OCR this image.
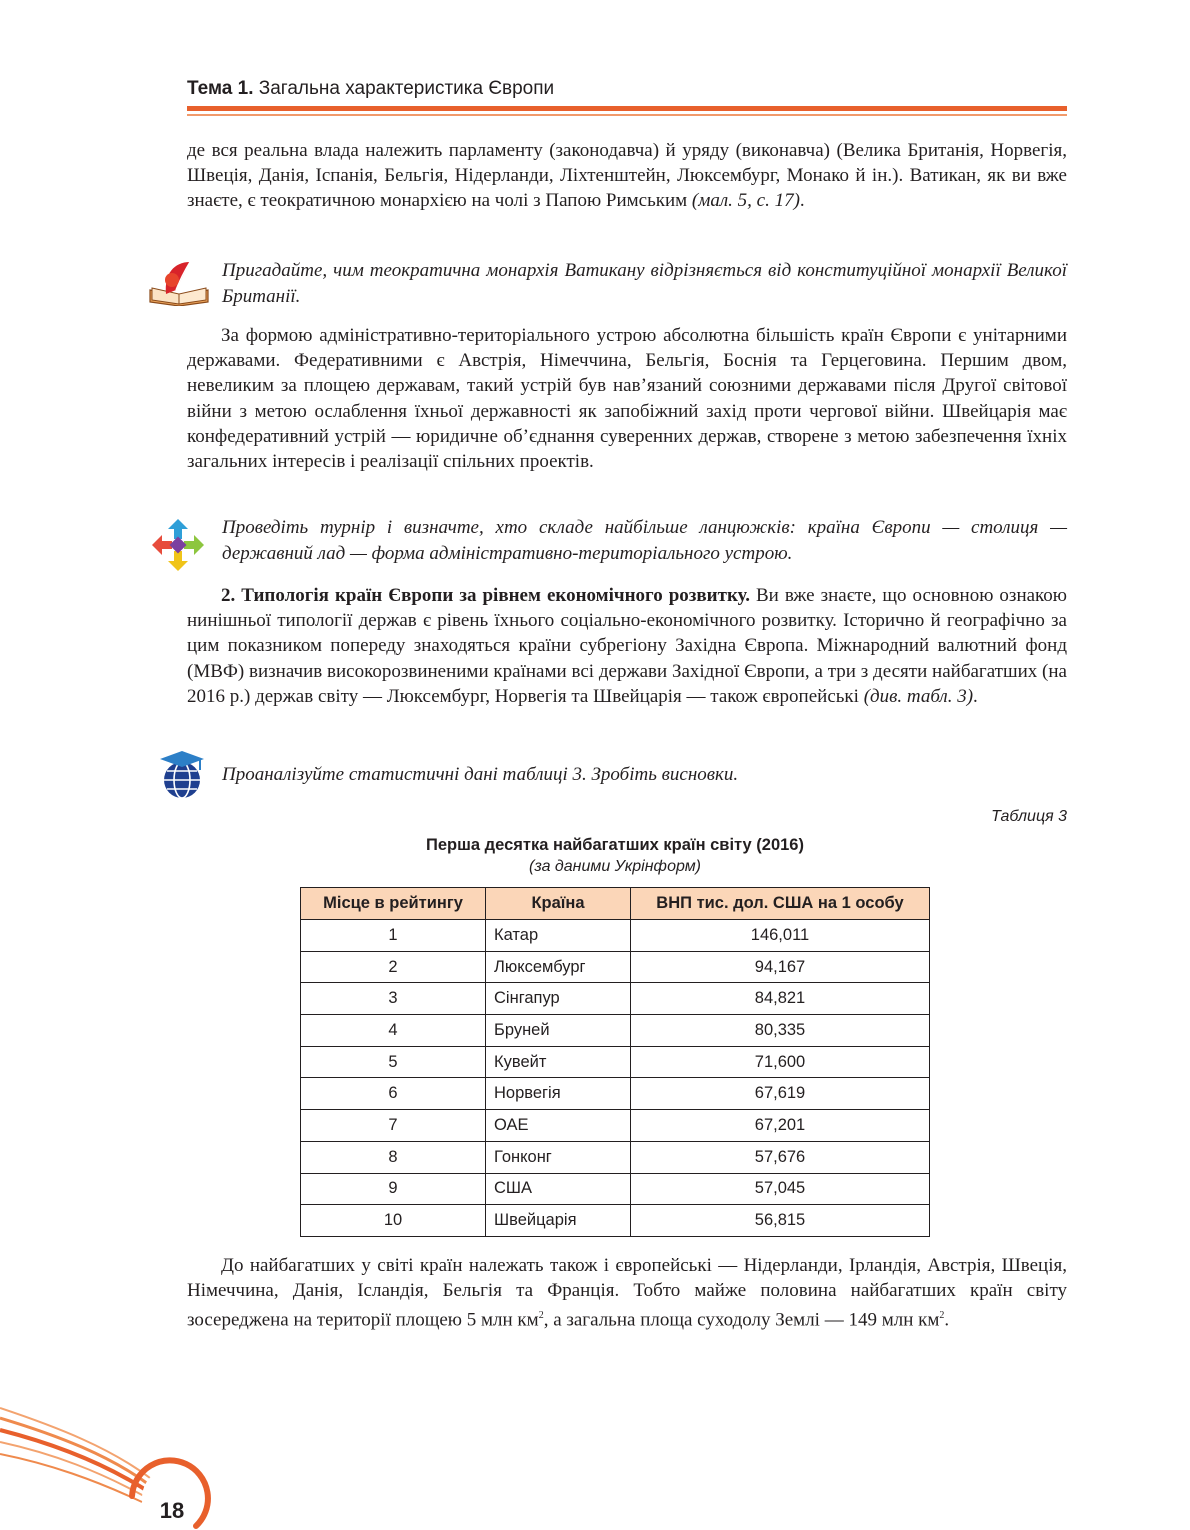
Тема 1. Загальна характеристика Європи

де вся реальна влада належить парламенту (законодавча) й уряду (виконавча) (Велика Британія, Норвегія, Швеція, Данія, Іспанія, Бельгія, Нідерланди, Ліхтенштейн, Люксембург, Монако й ін.). Ватикан, як ви вже знаєте, є теократичною монархією на чолі з Папою Римським (мал. 5, с. 17).

Пригадайте, чим теократична монархія Ватикану відрізняється від конституційної монархії Великої Британії.

За формою адміністративно-територіального устрою абсолютна більшість країн Європи є унітарними державами. Федеративними є Австрія, Німеччина, Бельгія, Боснія та Герцеговина. Першим двом, невеликим за площею державам, такий устрій був нав’язаний союзними державами після Другої світової війни з метою ослаблення їхньої державності як запобіжний захід проти чергової війни. Швейцарія має конфедеративний устрій — юридичне об’єднання суверенних держав, створене з метою забезпечення їхніх загальних інтересів і реалізації спільних проектів.

Проведіть турнір і визначте, хто складе найбільше ланцюжків: країна Європи — столиця — державний лад — форма адміністративно-територіального устрою.

2. Типологія країн Європи за рівнем економічного розвитку. Ви вже знаєте, що основною ознакою нинішньої типології держав є рівень їхнього соціально-економічного розвитку. Історично й географічно за цим показником попереду знаходяться країни субрегіону Західна Європа. Міжнародний валютний фонд (МВФ) визначив високорозвиненими країнами всі держави Західної Європи, а три з десяти найбагатших (на 2016 р.) держав світу — Люксембург, Норвегія та Швейцарія — також європейські (див. табл. 3).

Проаналізуйте статистичні дані таблиці 3. Зробіть висновки.

Таблиця 3
Перша десятка найбагатших країн світу (2016)
(за даними Укрінформ)
Місце в рейтингу	Країна	ВНП тис. дол. США на 1 особу
1	Катар	146,011
2	Люксембург	94,167
3	Сінгапур	84,821
4	Бруней	80,335
5	Кувейт	71,600
6	Норвегія	67,619
7	ОАЕ	67,201
8	Гонконг	57,676
9	США	57,045
10	Швейцарія	56,815

До найбагатших у світі країн належать також і європейські — Нідерланди, Ірландія, Австрія, Швеція, Німеччина, Данія, Ісландія, Бельгія та Франція. Тобто майже половина найбагатших країн світу зосереджена на території площею 5 млн $км^2$, а загальна площа суходолу Землі — 149 млн $км^2$.

18
